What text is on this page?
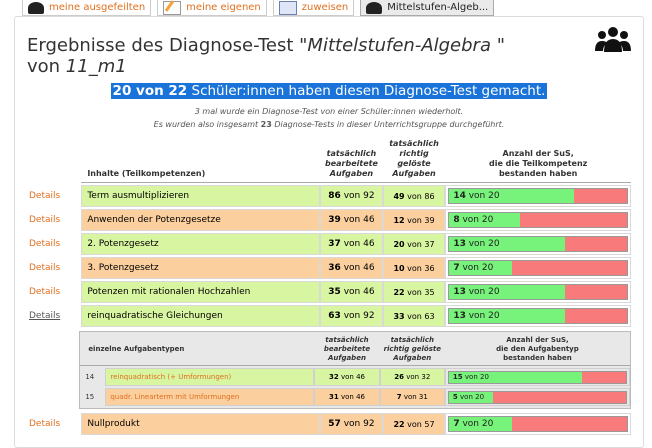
meine ausgefeilten	meine eigenen	zuweisen	Mittelstufen-Algeb...
Ergebnisse des Diagnose-Test "Mittelstufen-Algebra "
von 11_m1
20 von 22 Schüler:innen haben diesen Diagnose-Test gemacht.
3 mal wurde ein Diagnose-Test von einer Schüler:innen wiederholt.
Es wurden also insgesamt 23 Diagnose-Tests in dieser Unterrichtsgruppe durchgeführt.
	Inhalte (Teilkompetenzen)	tatsächlich
bearbeitete
Aufgaben	tatsächlich
richtig gelöste
Aufgaben	Anzahl der SuS,
die die Teilkompetenz
bestanden haben
Details	Term ausmultiplizieren	86 von 92	49 von 86	14 von 20

Details	Anwenden der Potenzgesetze	39 von 46	12 von 39	8 von 20

Details	2. Potenzgesetz	37 von 46	20 von 37	13 von 20

Details	3. Potenzgesetz	36 von 46	10 von 36	7 von 20

Details	Potenzen mit rationalen Hochzahlen	35 von 46	22 von 35	13 von 20

Details	reinquadratische Gleichungen	63 von 92	33 von 63	13 von 20

einzelne Aufgabentypen	tatsächlich
bearbeitete
Aufgaben	tatsächlich
richtig gelöste
Aufgaben	Anzahl der SuS,
die den Aufgabentyp
bestanden haben
14	reinquadratisch (+ Umformungen)	32 von 46	26 von 32	15 von 20

15	quadr. Linearterm mit Umformungen	31 von 46	7 von 31	5 von 20

Details	Nullprodukt	57 von 92	22 von 57	7 von 20
